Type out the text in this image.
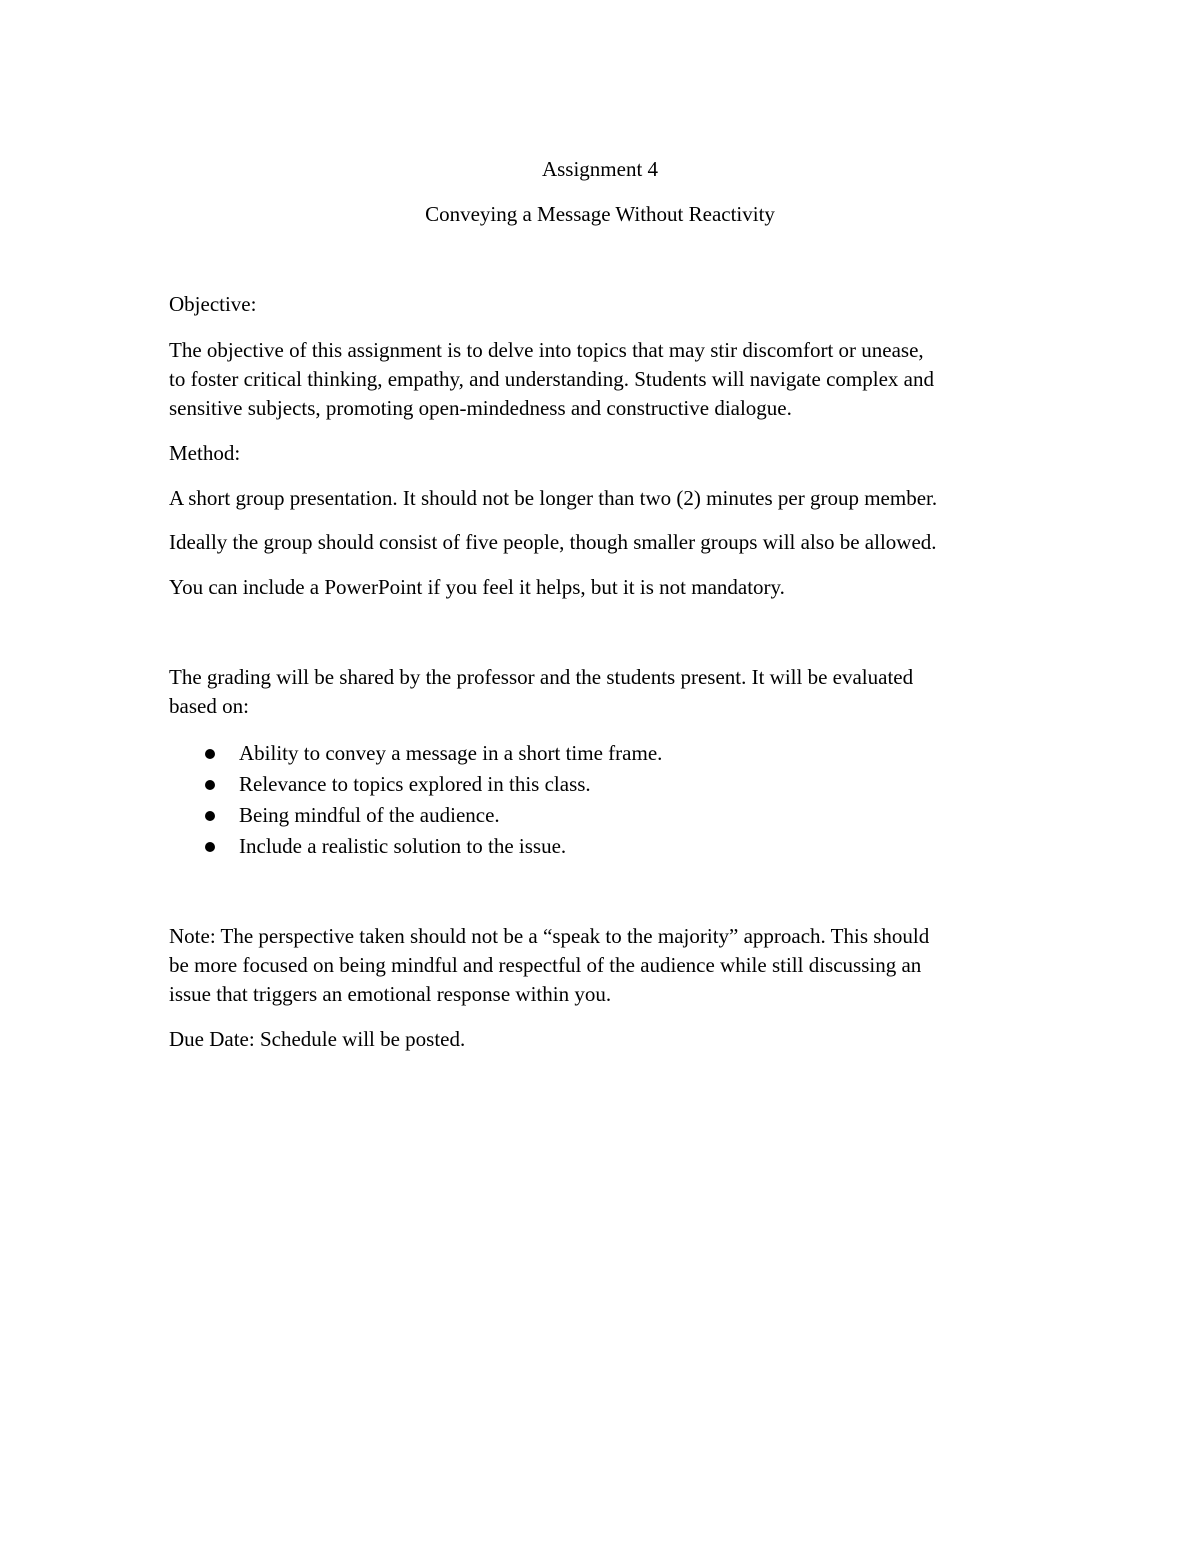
Assignment 4
Conveying a Message Without Reactivity
Objective:
The objective of this assignment is to delve into topics that may stir discomfort or unease,
to foster critical thinking, empathy, and understanding. Students will navigate complex and
sensitive subjects, promoting open-mindedness and constructive dialogue.
Method:
A short group presentation. It should not be longer than two (2) minutes per group member.
Ideally the group should consist of five people, though smaller groups will also be allowed.
You can include a PowerPoint if you feel it helps, but it is not mandatory.
The grading will be shared by the professor and the students present. It will be evaluated
based on:
Ability to convey a message in a short time frame.
Relevance to topics explored in this class.
Being mindful of the audience.
Include a realistic solution to the issue.
Note: The perspective taken should not be a “speak to the majority” approach. This should
be more focused on being mindful and respectful of the audience while still discussing an
issue that triggers an emotional response within you.
Due Date: Schedule will be posted.
